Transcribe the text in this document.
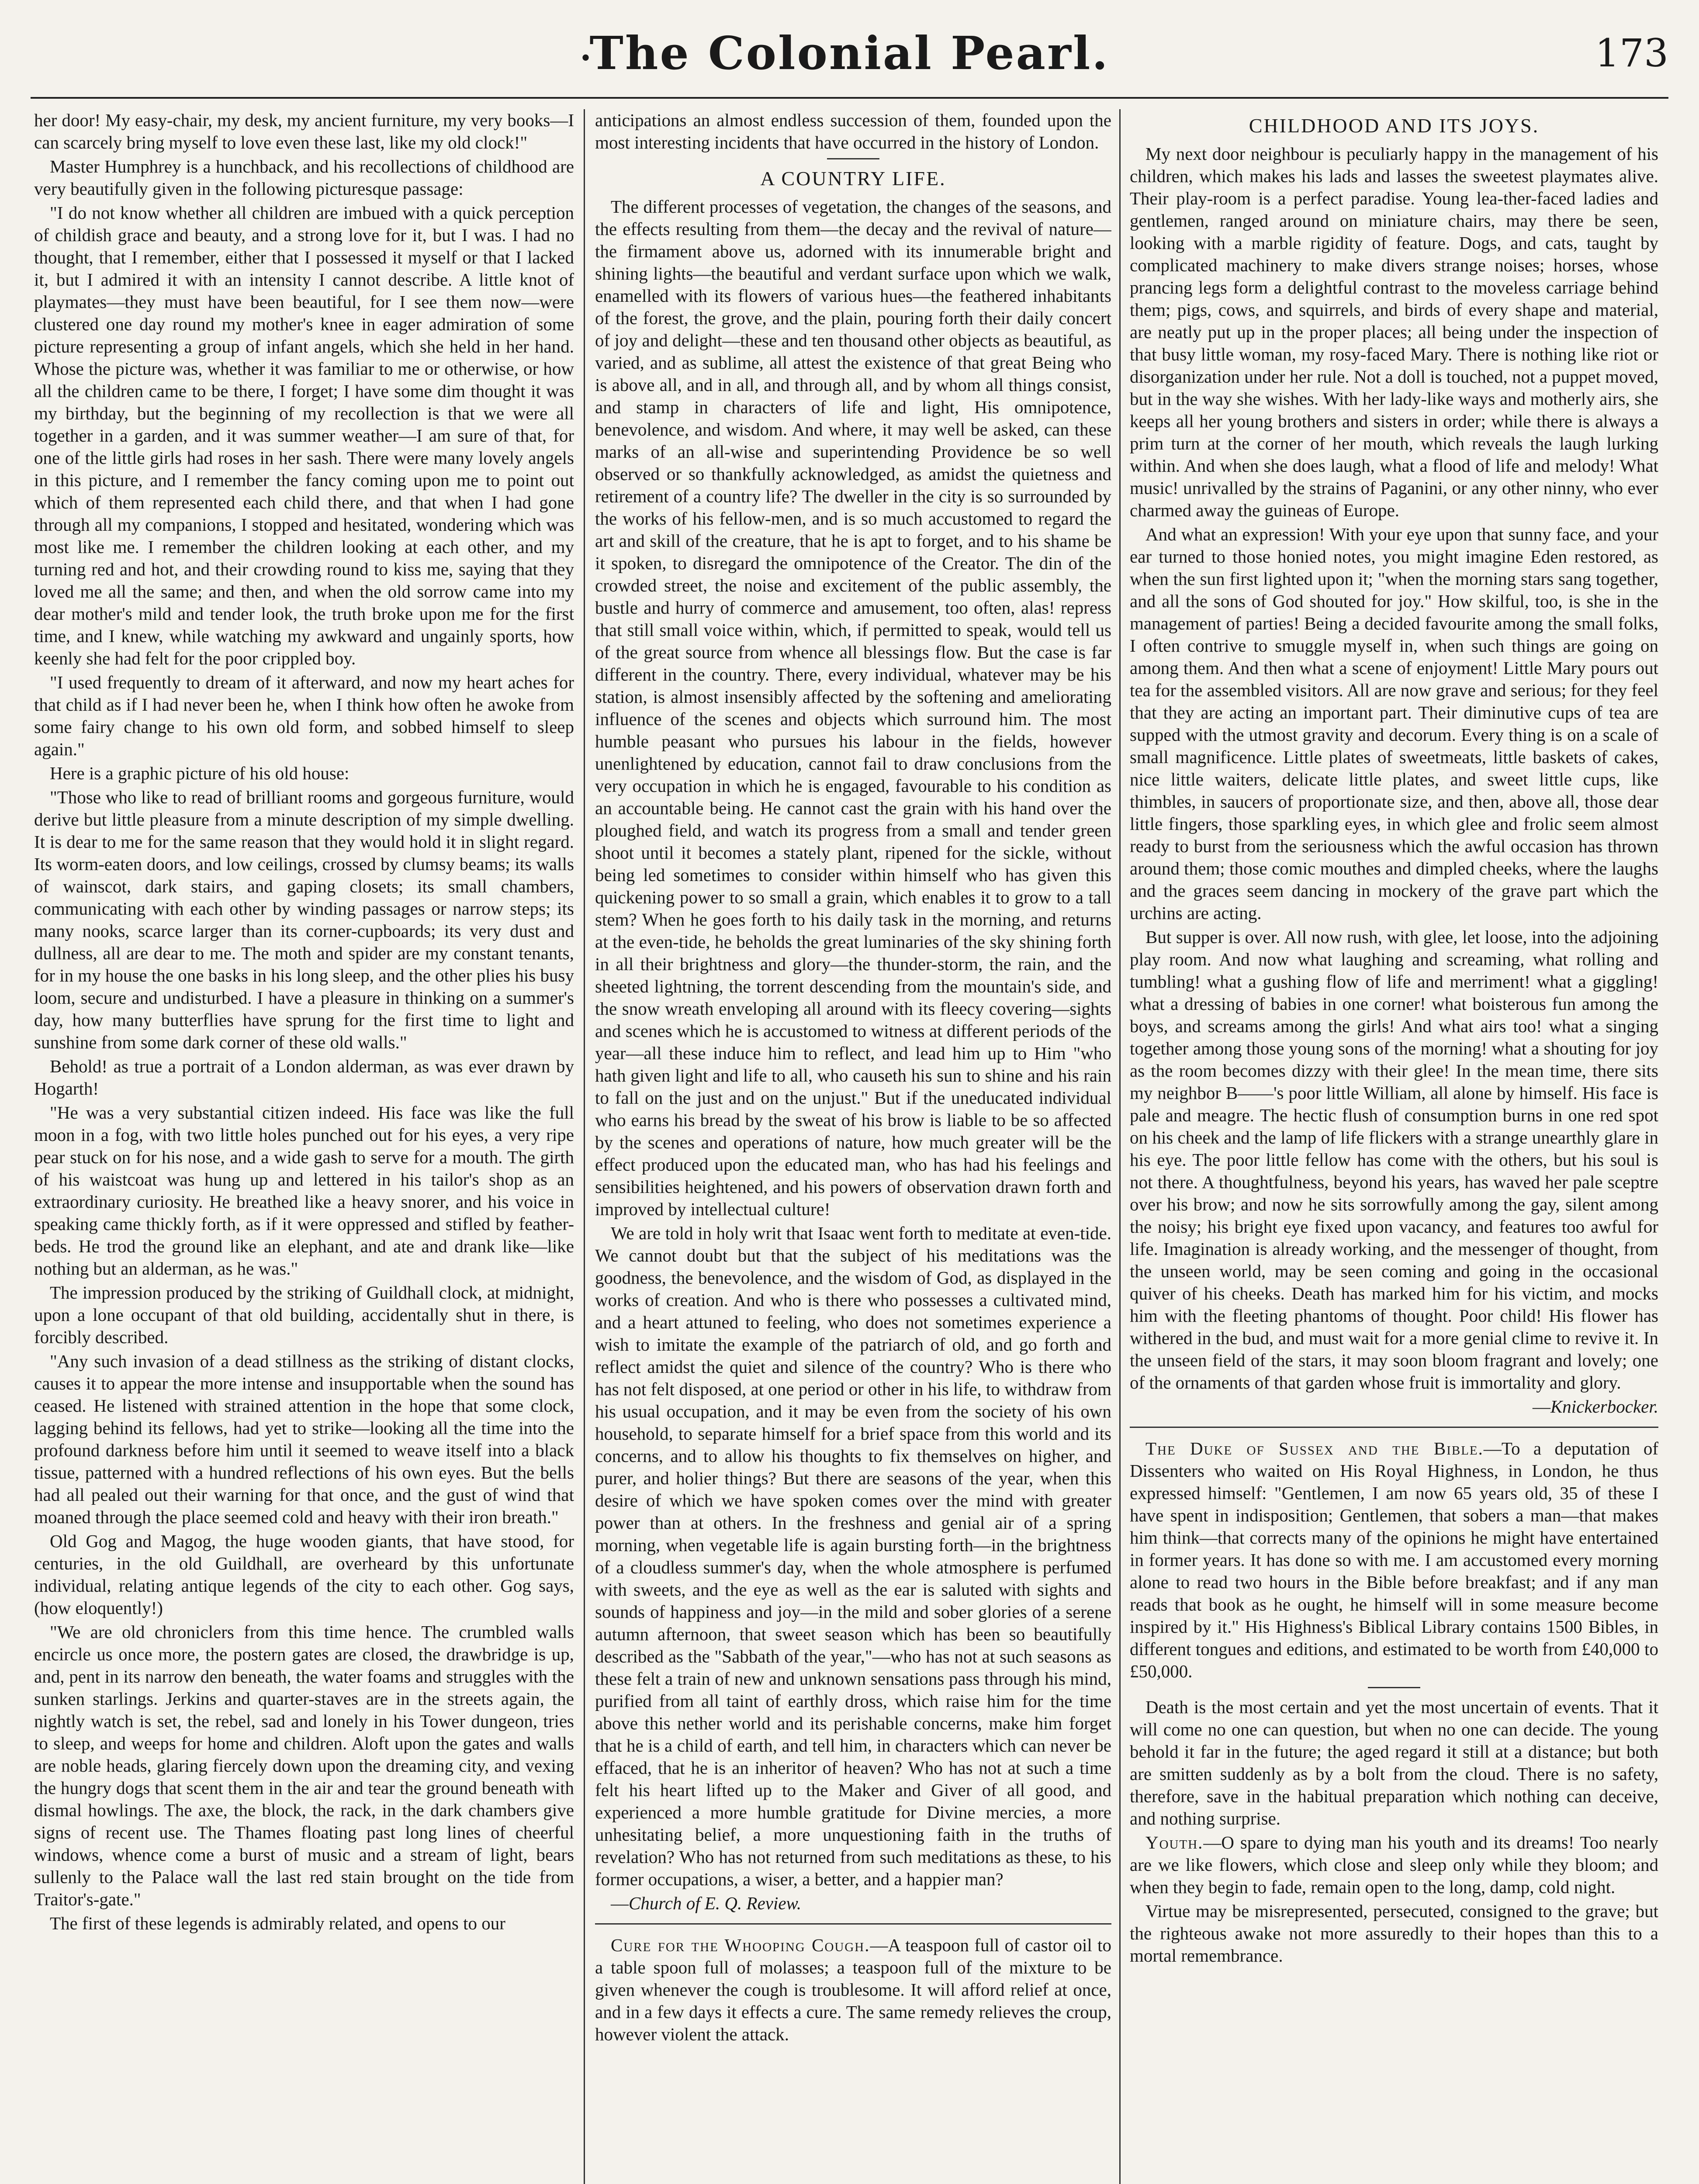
•
The Colonial Pearl.	173

her door! My easy-chair, my desk, my ancient furniture, my very books—I can scarcely bring myself to love even these last, like my old clock!"

Master Humphrey is a hunchback, and his recollections of childhood are very beautifully given in the following picturesque passage:

"I do not know whether all children are imbued with a quick perception of childish grace and beauty, and a strong love for it, but I was. I had no thought, that I remember, either that I possessed it myself or that I lacked it, but I admired it with an intensity I cannot describe. A little knot of playmates—they must have been beautiful, for I see them now—were clustered one day round my mother's knee in eager admiration of some picture representing a group of infant angels, which she held in her hand. Whose the picture was, whether it was familiar to me or otherwise, or how all the children came to be there, I forget; I have some dim thought it was my birthday, but the beginning of my recollection is that we were all together in a garden, and it was summer weather—I am sure of that, for one of the little girls had roses in her sash. There were many lovely angels in this picture, and I remember the fancy coming upon me to point out which of them represented each child there, and that when I had gone through all my companions, I stopped and hesitated, wondering which was most like me. I remember the children looking at each other, and my turning red and hot, and their crowding round to kiss me, saying that they loved me all the same; and then, and when the old sorrow came into my dear mother's mild and tender look, the truth broke upon me for the first time, and I knew, while watching my awkward and ungainly sports, how keenly she had felt for the poor crippled boy.

"I used frequently to dream of it afterward, and now my heart aches for that child as if I had never been he, when I think how often he awoke from some fairy change to his own old form, and sobbed himself to sleep again."

Here is a graphic picture of his old house:

"Those who like to read of brilliant rooms and gorgeous furniture, would derive but little pleasure from a minute description of my simple dwelling. It is dear to me for the same reason that they would hold it in slight regard. Its worm-eaten doors, and low ceilings, crossed by clumsy beams; its walls of wainscot, dark stairs, and gaping closets; its small chambers, communicating with each other by winding passages or narrow steps; its many nooks, scarce larger than its corner-cupboards; its very dust and dullness, all are dear to me. The moth and spider are my constant tenants, for in my house the one basks in his long sleep, and the other plies his busy loom, secure and undisturbed. I have a pleasure in thinking on a summer's day, how many butterflies have sprung for the first time to light and sunshine from some dark corner of these old walls."

Behold! as true a portrait of a London alderman, as was ever drawn by Hogarth!

"He was a very substantial citizen indeed. His face was like the full moon in a fog, with two little holes punched out for his eyes, a very ripe pear stuck on for his nose, and a wide gash to serve for a mouth. The girth of his waistcoat was hung up and lettered in his tailor's shop as an extraordinary curiosity. He breathed like a heavy snorer, and his voice in speaking came thickly forth, as if it were oppressed and stifled by feather-beds. He trod the ground like an elephant, and ate and drank like—like nothing but an alderman, as he was."

The impression produced by the striking of Guildhall clock, at midnight, upon a lone occupant of that old building, accidentally shut in there, is forcibly described.

"Any such invasion of a dead stillness as the striking of distant clocks, causes it to appear the more intense and insupportable when the sound has ceased. He listened with strained attention in the hope that some clock, lagging behind its fellows, had yet to strike—looking all the time into the profound darkness before him until it seemed to weave itself into a black tissue, patterned with a hundred reflections of his own eyes. But the bells had all pealed out their warning for that once, and the gust of wind that moaned through the place seemed cold and heavy with their iron breath."

Old Gog and Magog, the huge wooden giants, that have stood, for centuries, in the old Guildhall, are overheard by this unfortunate individual, relating antique legends of the city to each other. Gog says, (how eloquently!)

"We are old chroniclers from this time hence. The crumbled walls encircle us once more, the postern gates are closed, the drawbridge is up, and, pent in its narrow den beneath, the water foams and struggles with the sunken starlings. Jerkins and quarter-staves are in the streets again, the nightly watch is set, the rebel, sad and lonely in his Tower dungeon, tries to sleep, and weeps for home and children. Aloft upon the gates and walls are noble heads, glaring fiercely down upon the dreaming city, and vexing the hungry dogs that scent them in the air and tear the ground beneath with dismal howlings. The axe, the block, the rack, in the dark chambers give signs of recent use. The Thames floating past long lines of cheerful windows, whence come a burst of music and a stream of light, bears sullenly to the Palace wall the last red stain brought on the tide from Traitor's-gate."

The first of these legends is admirably related, and opens to our

anticipations an almost endless succession of them, founded upon the most interesting incidents that have occurred in the history of London.

A COUNTRY LIFE.

The different processes of vegetation, the changes of the seasons, and the effects resulting from them—the decay and the revival of nature—the firmament above us, adorned with its innumerable bright and shining lights—the beautiful and verdant surface upon which we walk, enamelled with its flowers of various hues—the feathered inhabitants of the forest, the grove, and the plain, pouring forth their daily concert of joy and delight—these and ten thousand other objects as beautiful, as varied, and as sublime, all attest the existence of that great Being who is above all, and in all, and through all, and by whom all things consist, and stamp in characters of life and light, His omnipotence, benevolence, and wisdom. And where, it may well be asked, can these marks of an all-wise and superintending Providence be so well observed or so thankfully acknowledged, as amidst the quietness and retirement of a country life? The dweller in the city is so surrounded by the works of his fellow-men, and is so much accustomed to regard the art and skill of the creature, that he is apt to forget, and to his shame be it spoken, to disregard the omnipotence of the Creator. The din of the crowded street, the noise and excitement of the public assembly, the bustle and hurry of commerce and amusement, too often, alas! repress that still small voice within, which, if permitted to speak, would tell us of the great source from whence all blessings flow. But the case is far different in the country. There, every individual, whatever may be his station, is almost insensibly affected by the softening and ameliorating influence of the scenes and objects which surround him. The most humble peasant who pursues his labour in the fields, however unenlightened by education, cannot fail to draw conclusions from the very occupation in which he is engaged, favourable to his condition as an accountable being. He cannot cast the grain with his hand over the ploughed field, and watch its progress from a small and tender green shoot until it becomes a stately plant, ripened for the sickle, without being led sometimes to consider within himself who has given this quickening power to so small a grain, which enables it to grow to a tall stem? When he goes forth to his daily task in the morning, and returns at the even-tide, he beholds the great luminaries of the sky shining forth in all their brightness and glory—the thunder-storm, the rain, and the sheeted lightning, the torrent descending from the mountain's side, and the snow wreath enveloping all around with its fleecy covering—sights and scenes which he is accustomed to witness at different periods of the year—all these induce him to reflect, and lead him up to Him "who hath given light and life to all, who causeth his sun to shine and his rain to fall on the just and on the unjust." But if the uneducated individual who earns his bread by the sweat of his brow is liable to be so affected by the scenes and operations of nature, how much greater will be the effect produced upon the educated man, who has had his feelings and sensibilities heightened, and his powers of observation drawn forth and improved by intellectual culture!

We are told in holy writ that Isaac went forth to meditate at even-tide. We cannot doubt but that the subject of his meditations was the goodness, the benevolence, and the wisdom of God, as displayed in the works of creation. And who is there who possesses a cultivated mind, and a heart attuned to feeling, who does not sometimes experience a wish to imitate the example of the patriarch of old, and go forth and reflect amidst the quiet and silence of the country? Who is there who has not felt disposed, at one period or other in his life, to withdraw from his usual occupation, and it may be even from the society of his own household, to separate himself for a brief space from this world and its concerns, and to allow his thoughts to fix themselves on higher, and purer, and holier things? But there are seasons of the year, when this desire of which we have spoken comes over the mind with greater power than at others. In the freshness and genial air of a spring morning, when vegetable life is again bursting forth—in the brightness of a cloudless summer's day, when the whole atmosphere is perfumed with sweets, and the eye as well as the ear is saluted with sights and sounds of happiness and joy—in the mild and sober glories of a serene autumn afternoon, that sweet season which has been so beautifully described as the "Sabbath of the year,"—who has not at such seasons as these felt a train of new and unknown sensations pass through his mind, purified from all taint of earthly dross, which raise him for the time above this nether world and its perishable concerns, make him forget that he is a child of earth, and tell him, in characters which can never be effaced, that he is an inheritor of heaven? Who has not at such a time felt his heart lifted up to the Maker and Giver of all good, and experienced a more humble gratitude for Divine mercies, a more unhesitating belief, a more unquestioning faith in the truths of revelation? Who has not returned from such meditations as these, to his former occupations, a wiser, a better, and a happier man?

—Church of E. Q. Review.

Cure for the Whooping Cough.—A teaspoon full of castor oil to a table spoon full of molasses; a teaspoon full of the mixture to be given whenever the cough is troublesome. It will afford relief at once, and in a few days it effects a cure. The same remedy relieves the croup, however violent the attack.

CHILDHOOD AND ITS JOYS.

My next door neighbour is peculiarly happy in the management of his children, which makes his lads and lasses the sweetest playmates alive. Their play-room is a perfect paradise. Young lea-ther-faced ladies and gentlemen, ranged around on miniature chairs, may there be seen, looking with a marble rigidity of feature. Dogs, and cats, taught by complicated machinery to make divers strange noises; horses, whose prancing legs form a delightful contrast to the moveless carriage behind them; pigs, cows, and squirrels, and birds of every shape and material, are neatly put up in the proper places; all being under the inspection of that busy little woman, my rosy-faced Mary. There is nothing like riot or disorganization under her rule. Not a doll is touched, not a puppet moved, but in the way she wishes. With her lady-like ways and motherly airs, she keeps all her young brothers and sisters in order; while there is always a prim turn at the corner of her mouth, which reveals the laugh lurking within. And when she does laugh, what a flood of life and melody! What music! unrivalled by the strains of Paganini, or any other ninny, who ever charmed away the guineas of Europe.

And what an expression! With your eye upon that sunny face, and your ear turned to those honied notes, you might imagine Eden restored, as when the sun first lighted upon it; "when the morning stars sang together, and all the sons of God shouted for joy." How skilful, too, is she in the management of parties! Being a decided favourite among the small folks, I often contrive to smuggle myself in, when such things are going on among them. And then what a scene of enjoyment! Little Mary pours out tea for the assembled visitors. All are now grave and serious; for they feel that they are acting an important part. Their diminutive cups of tea are supped with the utmost gravity and decorum. Every thing is on a scale of small magnificence. Little plates of sweetmeats, little baskets of cakes, nice little waiters, delicate little plates, and sweet little cups, like thimbles, in saucers of proportionate size, and then, above all, those dear little fingers, those sparkling eyes, in which glee and frolic seem almost ready to burst from the seriousness which the awful occasion has thrown around them; those comic mouthes and dimpled cheeks, where the laughs and the graces seem dancing in mockery of the grave part which the urchins are acting.

But supper is over. All now rush, with glee, let loose, into the adjoining play room. And now what laughing and screaming, what rolling and tumbling! what a gushing flow of life and merriment! what a giggling! what a dressing of babies in one corner! what boisterous fun among the boys, and screams among the girls! And what airs too! what a singing together among those young sons of the morning! what a shouting for joy as the room becomes dizzy with their glee! In the mean time, there sits my neighbor B——'s poor little William, all alone by himself. His face is pale and meagre. The hectic flush of consumption burns in one red spot on his cheek and the lamp of life flickers with a strange unearthly glare in his eye. The poor little fellow has come with the others, but his soul is not there. A thoughtfulness, beyond his years, has waved her pale sceptre over his brow; and now he sits sorrowfully among the gay, silent among the noisy; his bright eye fixed upon vacancy, and features too awful for life. Imagination is already working, and the messenger of thought, from the unseen world, may be seen coming and going in the occasional quiver of his cheeks. Death has marked him for his victim, and mocks him with the fleeting phantoms of thought. Poor child! His flower has withered in the bud, and must wait for a more genial clime to revive it. In the unseen field of the stars, it may soon bloom fragrant and lovely; one of the ornaments of that garden whose fruit is immortality and glory.

—Knickerbocker.

The Duke of Sussex and the Bible.—To a deputation of Dissenters who waited on His Royal Highness, in London, he thus expressed himself: "Gentlemen, I am now 65 years old, 35 of these I have spent in indisposition; Gentlemen, that sobers a man—that makes him think—that corrects many of the opinions he might have entertained in former years. It has done so with me. I am accustomed every morning alone to read two hours in the Bible before breakfast; and if any man reads that book as he ought, he himself will in some measure become inspired by it." His Highness's Biblical Library contains 1500 Bibles, in different tongues and editions, and estimated to be worth from £40,000 to £50,000.

Death is the most certain and yet the most uncertain of events. That it will come no one can question, but when no one can decide. The young behold it far in the future; the aged regard it still at a distance; but both are smitten suddenly as by a bolt from the cloud. There is no safety, therefore, save in the habitual preparation which nothing can deceive, and nothing surprise.

Youth.—O spare to dying man his youth and its dreams! Too nearly are we like flowers, which close and sleep only while they bloom; and when they begin to fade, remain open to the long, damp, cold night.

Virtue may be misrepresented, persecuted, consigned to the grave; but the righteous awake not more assuredly to their hopes than this to a mortal remembrance.
